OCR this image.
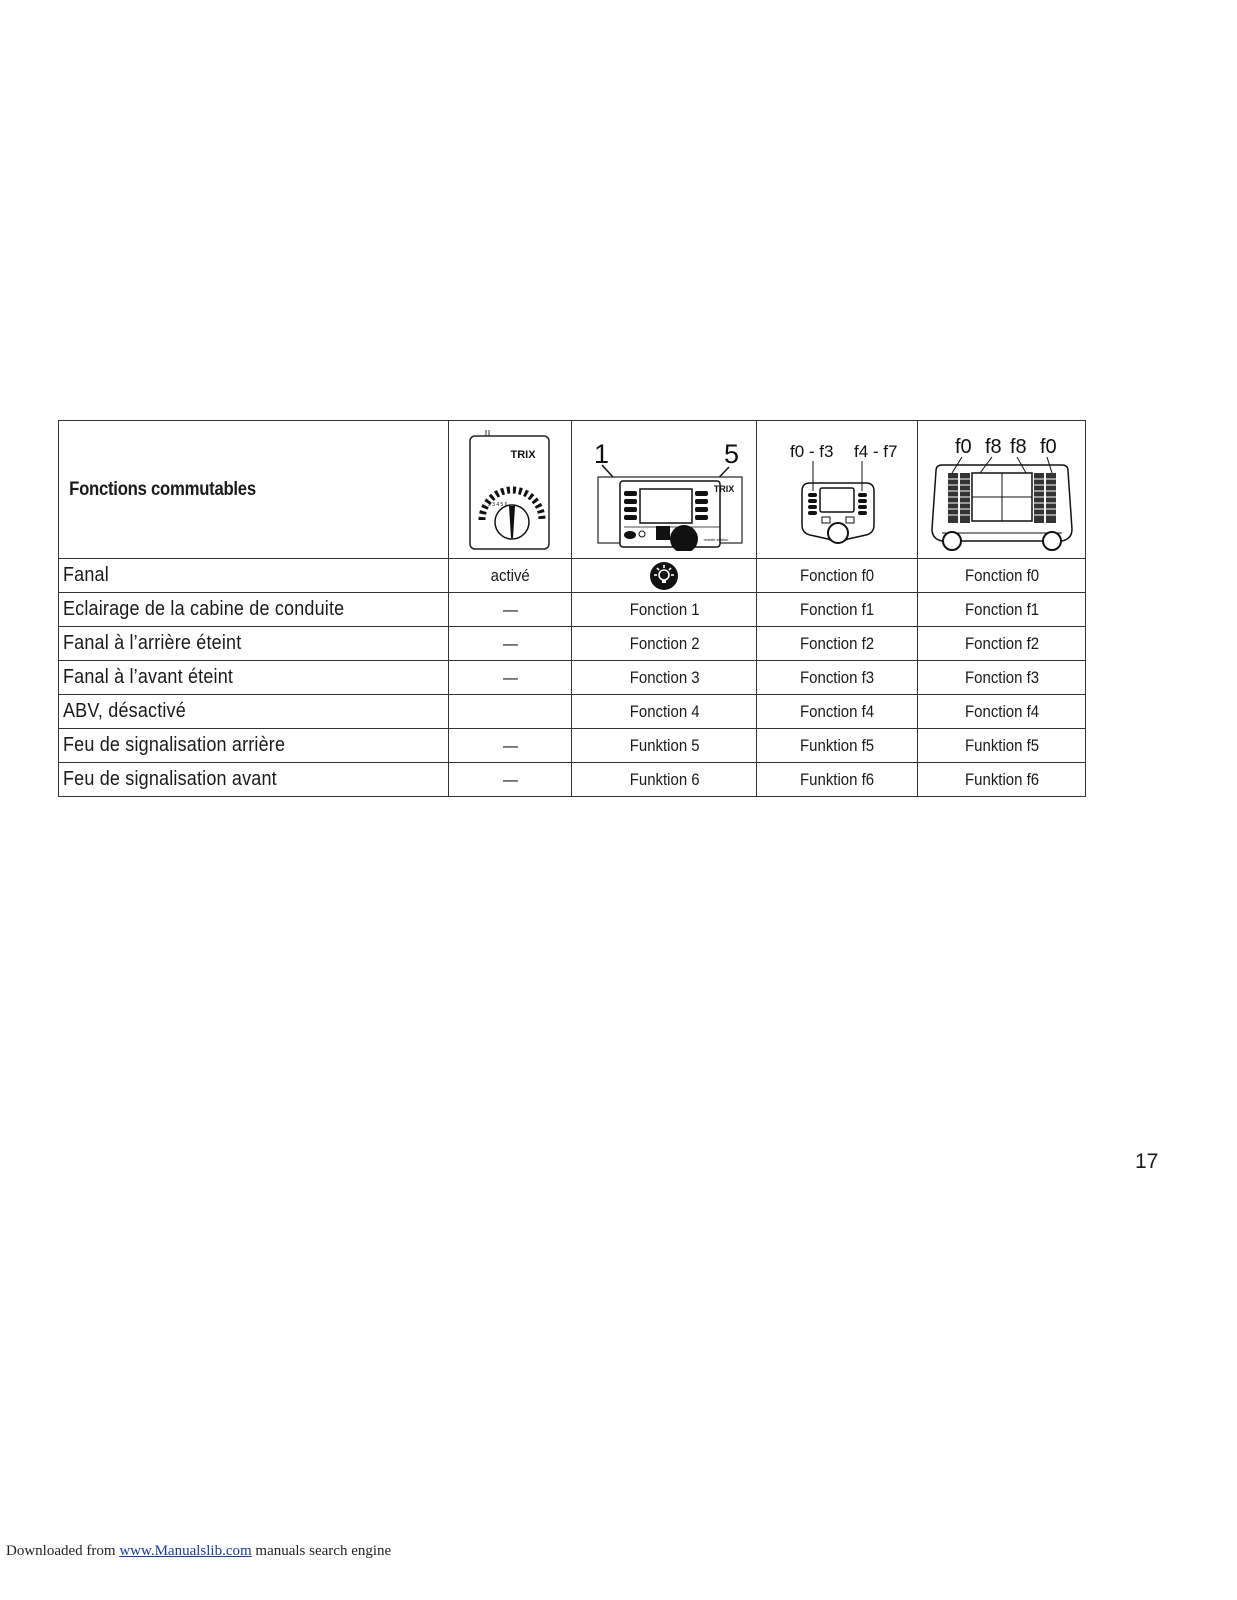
Fonctions commutables	TRIX
2 3 4 5 6	1 5
TRIX
mobile station	f0 - f3 f4 - f7	f0 f8 f8 f0

Fanal	activé		Fonction f0	Fonction f0
Eclairage de la cabine de conduite	—	Fonction 1	Fonction f1	Fonction f1
Fanal à l’arrière éteint	—	Fonction 2	Fonction f2	Fonction f2
Fanal à l’avant éteint	—	Fonction 3	Fonction f3	Fonction f3
ABV, désactivé		Fonction 4	Fonction f4	Fonction f4
Feu de signalisation arrière	—	Funktion 5	Funktion f5	Funktion f5
Feu de signalisation avant	—	Funktion 6	Funktion f6	Funktion f6
17
Downloaded from www.Manualslib.com manuals search engine
